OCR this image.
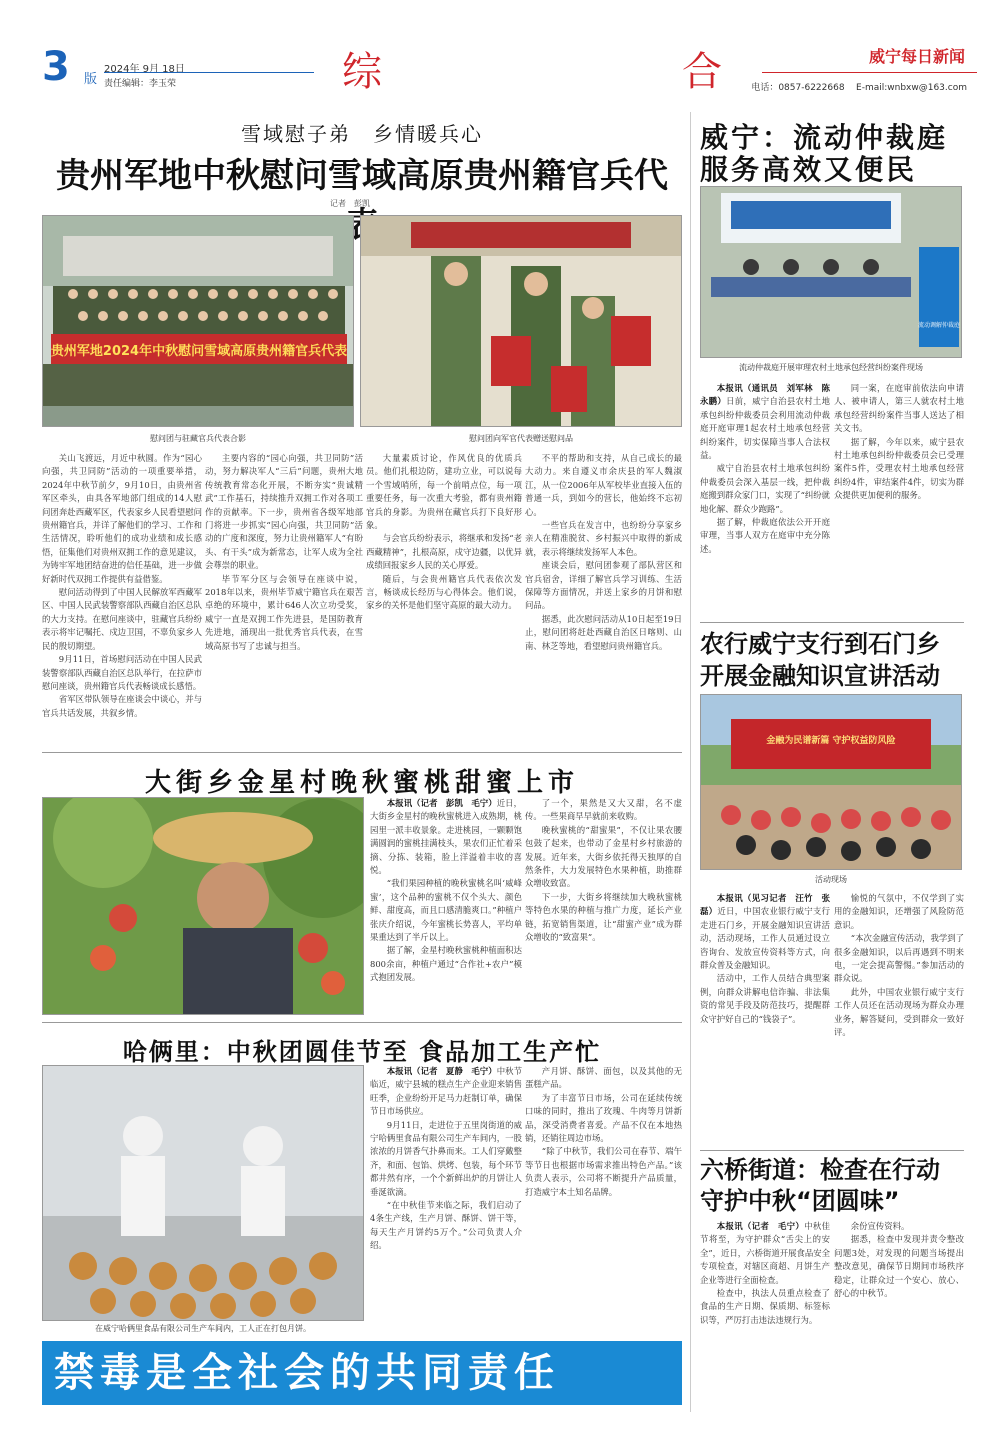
3 版
2024年 9月 18日
责任编辑：李玉荣	综	合	威宁每日新闻
电话：0857-6222668 E-mail:wnbxw@163.com
雪域慰子弟　乡情暖兵心
贵州军地中秋慰问雪域高原贵州籍官兵代
记者　彭凯
贵州军地2024年中秋慰问雪域高原贵州籍官兵代表
慰问团与驻藏官兵代表合影	慰问团向军官代表赠送慰问品

关山飞渡远，月近中秋圆。作为“园心向强，共卫同防”活动的一项重要举措，2024年中秋节前夕，9月10日，由贵州省军区牵头，由具各军地部门组成的14人慰问团奔赴西藏军区，代表家乡人民看望慰问贵州籍官兵，并详了解他们的学习、工作和生活情况，聆听他们的成功业绩和成长感悟，征集他们对贵州双拥工作的意见建议，为铸牢军地团结奋进的信任基础，进一步做好新时代双拥工作提供有益借鉴。

慰问活动得到了中国人民解放军西藏军区、中国人民武装警察部队西藏自治区总队的大力支持。在慰问座谈中，驻藏官兵纷纷表示将牢记嘱托、戍边卫国，不辜负家乡人民的殷切期望。

9月11日，首场慰问活动在中国人民武装警察部队西藏自治区总队举行，在拉萨市慰问座谈，贵州籍官兵代表畅谈成长感悟。

省军区带队领导在座谈会中谈心，并与官兵共话发展，共叙乡情。

主要内容的“园心向强，共卫同防”活动，努力解决军人“三后”问题，贵州大地传统教育常态化开展，不断夯实“贵诚精武”工作基石，持续推升双拥工作对各项工作的贡献率。下一步，贵州省各级军地部门将进一步抓实“园心向强，共卫同防”活动的广度和深度，努力让贵州籍军人“有盼头、有干头”成为新常态，让军人成为全社会尊崇的职业。

毕节军分区与会领导在座谈中说，2018年以来，贵州毕节威宁籍官兵在艰苦卓绝的环境中，累计646人次立功受奖，威宁一直是双拥工作先进县，是国防教育先进地，涌现出一批优秀官兵代表，在雪域高原书写了忠诚与担当。

大量素质讨论，作风优良的优质兵员。他们扎根边防，建功立业，可以说每一个雪域哨所，每一个前哨点位，每一项重要任务，每一次重大考验，都有贵州籍官兵的身影。为贵州在藏官兵打下良好形象。

与会官兵纷纷表示，将继承和发扬“老西藏精神”，扎根高原，戍守边疆，以优异成绩回报家乡人民的关心厚爱。

随后，与会贵州籍官兵代表依次发言，畅谈成长经历与心得体会。他们说，家乡的关怀是他们坚守高原的最大动力。

不平的帮助和支持，从自己成长的最大动力。来自遵义市余庆县的军人魏淑江，从一位2006年从军校毕业直接入伍的普通一兵，到如今的营长，他始终不忘初心。

一些官兵在发言中，也纷纷分享家乡亲人在精准脱贫、乡村振兴中取得的新成就，表示将继续发扬军人本色。

座谈会后，慰问团参观了部队营区和官兵宿舍，详细了解官兵学习训练、生活保障等方面情况，并送上家乡的月饼和慰问品。

据悉，此次慰问活动从10日起至19日止，慰问团将赶赴西藏自治区日喀则、山南、林芝等地，看望慰问贵州籍官兵。

大街乡金星村晚秋蜜桃甜蜜上市

本报讯（记者　彭凯　毛宁）近日，大街乡金星村的晚秋蜜桃进入成熟期，桃园里一派丰收景象。走进桃园，一颗颗饱满圆润的蜜桃挂满枝头，果农们正忙着采摘、分拣、装箱，脸上洋溢着丰收的喜悦。

“我们果园种植的晚秋蜜桃名叫‘威峰蜜’，这个品种的蜜桃不仅个头大、颜色鲜、甜度高，而且口感清脆爽口。”种植户张庆介绍说，今年蜜桃长势喜人，平均单果重达到了半斤以上。

据了解，金星村晚秋蜜桃种植面积达800余亩，种植户通过“合作社+农户”模式抱团发展。

了一个，果然是又大又甜，名不虚传。一些果商早早就前来收购。

晚秋蜜桃的“甜蜜果”，不仅让果农腰包鼓了起来，也带动了金星村乡村旅游的发展。近年来，大街乡依托得天独厚的自然条件，大力发展特色水果种植，助推群众增收致富。

下一步，大街乡将继续加大晚秋蜜桃等特色水果的种植与推广力度，延长产业链，拓宽销售渠道，让“甜蜜产业”成为群众增收的“致富果”。

哈俩里：中秋团圆佳节至 食品加工生产忙
在威宁哈俩里食品有限公司生产车间内，工人正在打包月饼。

本报讯（记者　夏静　毛宁）中秋节临近，威宁县城的糕点生产企业迎来销售旺季，企业纷纷开足马力赶制订单，确保节日市场供应。

9月11日，走进位于五里岗街道的威宁哈俩里食品有限公司生产车间内，一股浓浓的月饼香气扑鼻而来。工人们穿戴整齐，和面、包馅、烘烤、包装，每个环节都井然有序，一个个新鲜出炉的月饼让人垂涎欲滴。

“在中秋佳节来临之际，我们启动了4条生产线，生产月饼、酥饼、饼干等，每天生产月饼约5万个。”公司负责人介绍。

产月饼、酥饼、面包，以及其他的无蛋糕产品。

为了丰富节日市场，公司在延续传统口味的同时，推出了玫瑰、牛肉等月饼新品，深受消费者喜爱。产品不仅在本地热销，还销往周边市场。

“除了中秋节，我们公司在春节、端午等节日也根据市场需求推出特色产品。”该负责人表示，公司将不断提升产品质量，打造威宁本土知名品牌。

禁毒是全社会的共同责任
威宁：流动仲裁庭
服务高效又便民
流动调解仲裁庭
流动仲裁庭开展审理农村土地承包经营纠纷案件现场

本报讯（通讯员　刘军林　陈永鹏）日前，威宁自治县农村土地承包纠纷仲裁委员会利用流动仲裁庭开庭审理1起农村土地承包经营纠纷案件，切实保障当事人合法权益。

威宁自治县农村土地承包纠纷仲裁委员会深入基层一线，把仲裁庭搬到群众家门口，实现了“纠纷就地化解、群众少跑路”。

据了解，仲裁庭依法公开开庭审理，当事人双方在庭审中充分陈述。

同一案，在庭审前依法向申请人、被申请人，第三人就农村土地承包经营纠纷案件当事人送达了相关文书。

据了解，今年以来，威宁县农村土地承包纠纷仲裁委员会已受理案件5件，受理农村土地承包经营纠纷4件，审结案件4件，切实为群众提供更加便利的服务。

农行威宁支行到石门乡
开展金融知识宣讲活动
金融为民谱新篇 守护权益防风险
活动现场

本报讯（见习记者　汪竹　张磊）近日，中国农业银行威宁支行走进石门乡，开展金融知识宣讲活动，活动现场，工作人员通过设立咨询台、发放宣传资料等方式，向群众普及金融知识。

活动中，工作人员结合典型案例，向群众讲解电信诈骗、非法集资的常见手段及防范技巧，提醒群众守护好自己的“钱袋子”。

愉悦的气氛中，不仅学到了实用的金融知识，还增强了风险防范意识。

“本次金融宣传活动，我学到了很多金融知识，以后再遇到不明来电，一定会提高警惕。”参加活动的群众说。

此外，中国农业银行威宁支行工作人员还在活动现场为群众办理业务，解答疑问，受到群众一致好评。

六桥街道：检查在行动
守护中秋“团圆味”

本报讯（记者　毛宁）中秋佳节将至，为守护群众“舌尖上的安全”，近日，六桥街道开展食品安全专项检查，对辖区商超、月饼生产企业等进行全面检查。

检查中，执法人员重点检查了食品的生产日期、保质期、标签标识等，严厉打击违法违规行为。

余份宣传资料。

据悉，检查中发现并责令整改问题3处，对发现的问题当场提出整改意见，确保节日期间市场秩序稳定，让群众过一个安心、放心、舒心的中秋节。
